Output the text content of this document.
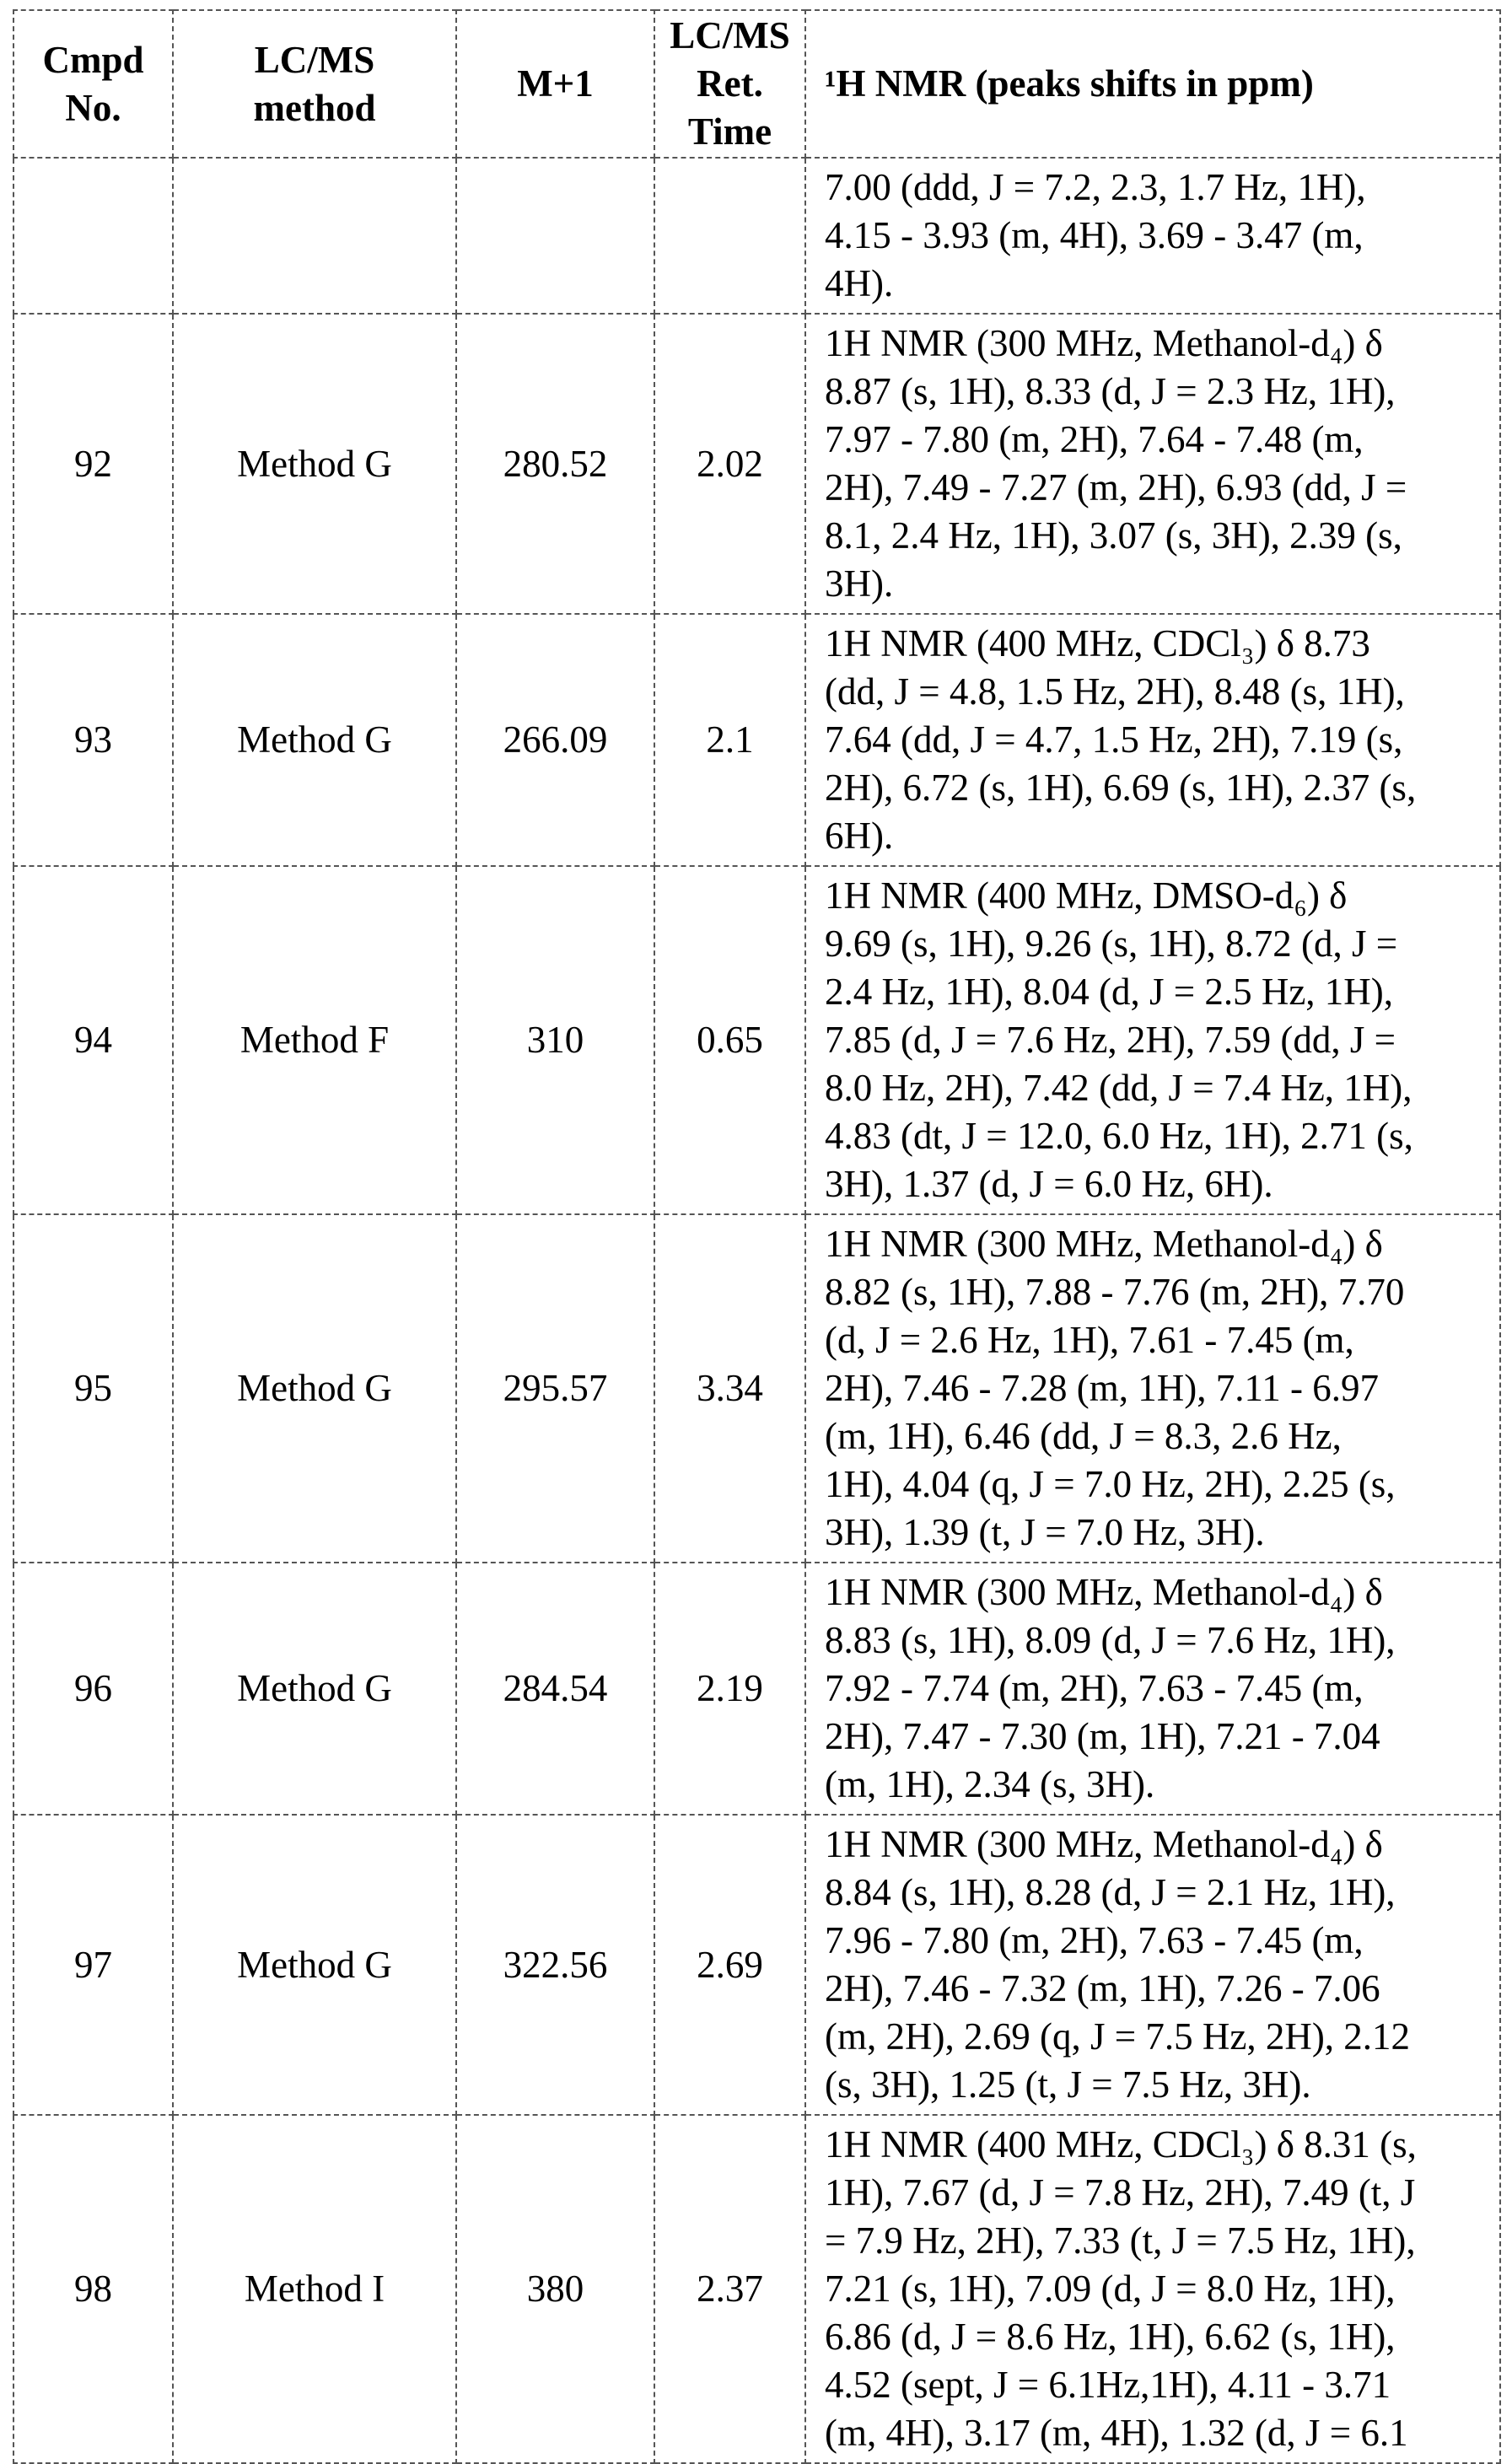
Cmpd
No.	LC/MS
method	M+1	LC/MS
Ret.
Time	¹H NMR (peaks shifts in ppm)

7.00 (ddd, J = 7.2, 2.3, 1.7 Hz, 1H),
4.15 - 3.93 (m, 4H), 3.69 - 3.47 (m,
4H).

92	Method G	280.52	2.02	
1H NMR (300 MHz, Methanol-d₄) δ
8.87 (s, 1H), 8.33 (d, J = 2.3 Hz, 1H),
7.97 - 7.80 (m, 2H), 7.64 - 7.48 (m,
2H), 7.49 - 7.27 (m, 2H), 6.93 (dd, J =
8.1, 2.4 Hz, 1H), 3.07 (s, 3H), 2.39 (s,
3H).

93	Method G	266.09	2.1	
1H NMR (400 MHz, CDCl₃) δ 8.73
(dd, J = 4.8, 1.5 Hz, 2H), 8.48 (s, 1H),
7.64 (dd, J = 4.7, 1.5 Hz, 2H), 7.19 (s,
2H), 6.72 (s, 1H), 6.69 (s, 1H), 2.37 (s,
6H).

94	Method F	310	0.65	
1H NMR (400 MHz, DMSO-d₆) δ
9.69 (s, 1H), 9.26 (s, 1H), 8.72 (d, J =
2.4 Hz, 1H), 8.04 (d, J = 2.5 Hz, 1H),
7.85 (d, J = 7.6 Hz, 2H), 7.59 (dd, J =
8.0 Hz, 2H), 7.42 (dd, J = 7.4 Hz, 1H),
4.83 (dt, J = 12.0, 6.0 Hz, 1H), 2.71 (s,
3H), 1.37 (d, J = 6.0 Hz, 6H).

95	Method G	295.57	3.34	
1H NMR (300 MHz, Methanol-d₄) δ
8.82 (s, 1H), 7.88 - 7.76 (m, 2H), 7.70
(d, J = 2.6 Hz, 1H), 7.61 - 7.45 (m,
2H), 7.46 - 7.28 (m, 1H), 7.11 - 6.97
(m, 1H), 6.46 (dd, J = 8.3, 2.6 Hz,
1H), 4.04 (q, J = 7.0 Hz, 2H), 2.25 (s,
3H), 1.39 (t, J = 7.0 Hz, 3H).

96	Method G	284.54	2.19	
1H NMR (300 MHz, Methanol-d₄) δ
8.83 (s, 1H), 8.09 (d, J = 7.6 Hz, 1H),
7.92 - 7.74 (m, 2H), 7.63 - 7.45 (m,
2H), 7.47 - 7.30 (m, 1H), 7.21 - 7.04
(m, 1H), 2.34 (s, 3H).

97	Method G	322.56	2.69	
1H NMR (300 MHz, Methanol-d₄) δ
8.84 (s, 1H), 8.28 (d, J = 2.1 Hz, 1H),
7.96 - 7.80 (m, 2H), 7.63 - 7.45 (m,
2H), 7.46 - 7.32 (m, 1H), 7.26 - 7.06
(m, 2H), 2.69 (q, J = 7.5 Hz, 2H), 2.12
(s, 3H), 1.25 (t, J = 7.5 Hz, 3H).

98	Method I	380	2.37	
1H NMR (400 MHz, CDCl₃) δ 8.31 (s,
1H), 7.67 (d, J = 7.8 Hz, 2H), 7.49 (t, J
= 7.9 Hz, 2H), 7.33 (t, J = 7.5 Hz, 1H),
7.21 (s, 1H), 7.09 (d, J = 8.0 Hz, 1H),
6.86 (d, J = 8.6 Hz, 1H), 6.62 (s, 1H),
4.52 (sept, J = 6.1Hz,1H), 4.11 - 3.71
(m, 4H), 3.17 (m, 4H), 1.32 (d, J = 6.1
